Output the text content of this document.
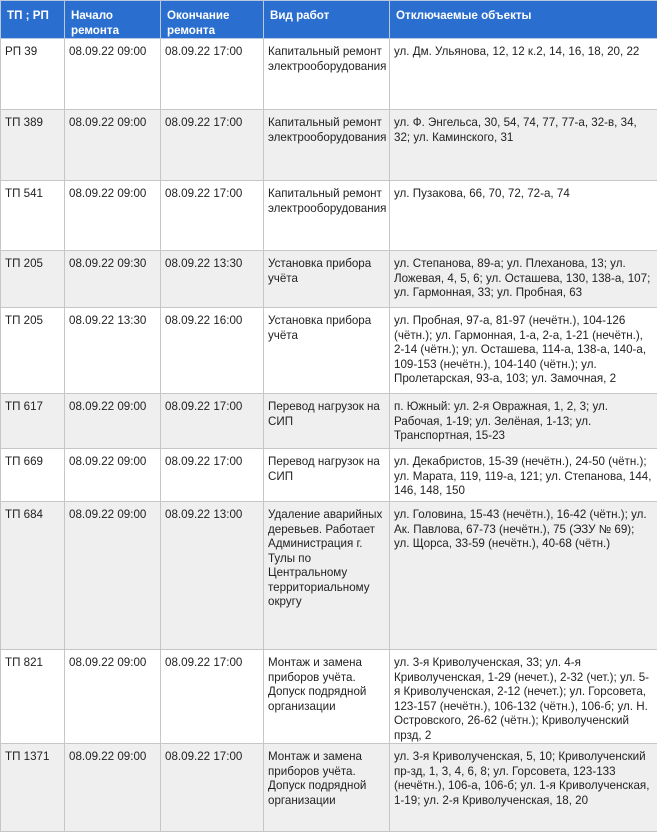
ТП ; РП	Начало ремонта	Окончание ремонта	Вид работ	Отключаемые объекты
РП 39	08.09.22 09:00	08.09.22 17:00	Капитальный ремонт электрооборудования	ул. Дм. Ульянова, 12, 12 к.2, 14, 16, 18, 20, 22
ТП 389	08.09.22 09:00	08.09.22 17:00	Капитальный ремонт электрооборудования	ул. Ф. Энгельса, 30, 54, 74, 77, 77-а, 32-в, 34, 32; ул. Каминского, 31
ТП 541	08.09.22 09:00	08.09.22 17:00	Капитальный ремонт электрооборудования	ул. Пузакова, 66, 70, 72, 72-а, 74
ТП 205	08.09.22 09:30	08.09.22 13:30	Установка прибора учёта	ул. Степанова, 89-а; ул. Плеханова, 13; ул. Ложевая, 4, 5, 6; ул. Осташева, 130, 138-а, 107; ул. Гармонная, 33; ул. Пробная, 63
ТП 205	08.09.22 13:30	08.09.22 16:00	Установка прибора учёта	ул. Пробная, 97-а, 81-97 (нечётн.), 104-126 (чётн.); ул. Гармонная, 1-а, 2-а, 1-21 (нечётн.), 2-14 (чётн.); ул. Осташева, 114-а, 138-а, 140-а, 109-153 (нечётн.), 104-140 (чётн.); ул. Пролетарская, 93-а, 103; ул. Замочная, 2
ТП 617	08.09.22 09:00	08.09.22 17:00	Перевод нагрузок на СИП	п. Южный: ул. 2-я Овражная, 1, 2, 3; ул. Рабочая, 1-19; ул. Зелёная, 1-13; ул. Транспортная, 15-23
ТП 669	08.09.22 09:00	08.09.22 17:00	Перевод нагрузок на СИП	ул. Декабристов, 15-39 (нечётн.), 24-50 (чётн.); ул. Марата, 119, 119-а, 121; ул. Степанова, 144, 146, 148, 150
ТП 684	08.09.22 09:00	08.09.22 13:00	Удаление аварийных деревьев. Работает Администрация г. Тулы по Центральному территориальному округу	ул. Головина, 15-43 (нечётн.), 16-42 (чётн.); ул. Ак. Павлова, 67-73 (нечётн.), 75 (ЭЗУ № 69); ул. Щорса, 33-59 (нечётн.), 40-68 (чётн.)
ТП 821	08.09.22 09:00	08.09.22 17:00	Монтаж и замена приборов учёта. Допуск подрядной организации	ул. 3-я Криволученская, 33; ул. 4-я Криволученская, 1-29 (нечет.), 2-32 (чет.); ул. 5-я Криволученская, 2-12 (нечет.); ул. Горсовета, 123-157 (нечётн.), 106-132 (чётн.), 106-б; ул. Н. Островского, 26-62 (чётн.); Криволученский прзд, 2
ТП 1371	08.09.22 09:00	08.09.22 17:00	Монтаж и замена приборов учёта. Допуск подрядной организации	ул. 3-я Криволученская, 5, 10; Криволученский пр-зд, 1, 3, 4, 6, 8; ул. Горсовета, 123-133 (нечётн.), 106-а, 106-б; ул. 1-я Криволученская, 1-19; ул. 2-я Криволученская, 18, 20
